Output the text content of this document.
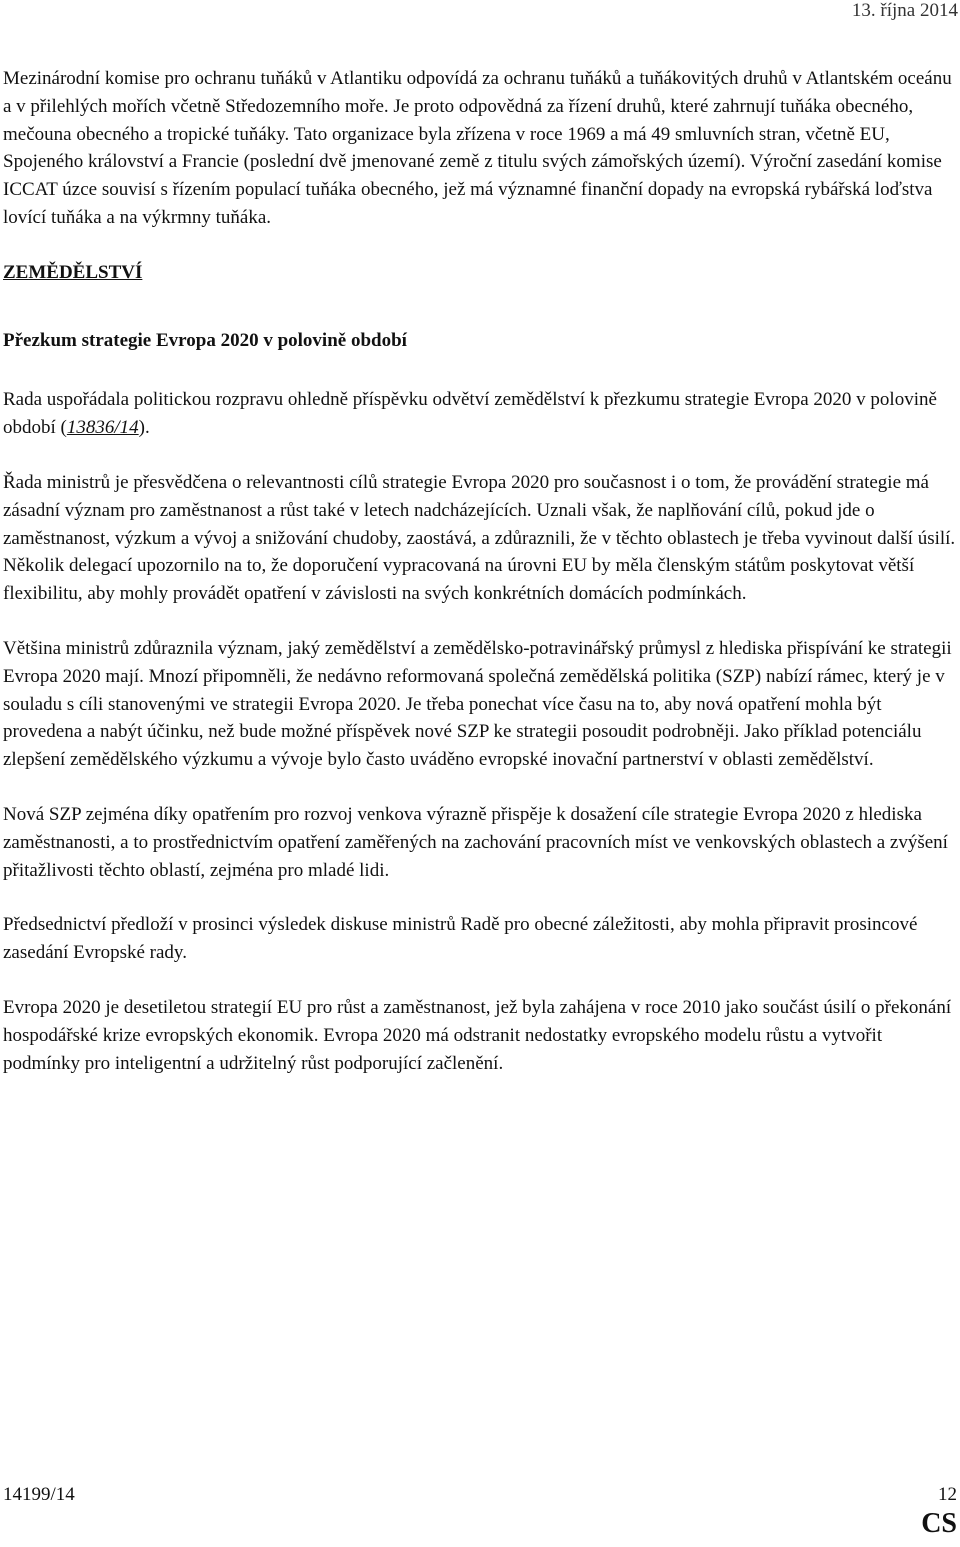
13. října 2014

Mezinárodní komise pro ochranu tuňáků v Atlantiku odpovídá za ochranu tuňáků a tuňákovitých druhů v Atlantském oceánu a v přilehlých mořích včetně Středozemního moře. Je proto odpovědná za řízení druhů, které zahrnují tuňáka obecného, mečouna obecného a tropické tuňáky. Tato organizace byla zřízena v roce 1969 a má 49 smluvních stran, včetně EU, Spojeného království a Francie (poslední dvě jmenované země z titulu svých zámořských území). Výroční zasedání komise ICCAT úzce souvisí s řízením populací tuňáka obecného, jež má významné finanční dopady na evropská rybářská loďstva lovící tuňáka a na výkrmny tuňáka.

ZEMĚDĚLSTVÍ
Přezkum strategie Evropa 2020 v polovině období

Rada uspořádala politickou rozpravu ohledně příspěvku odvětví zemědělství k přezkumu strategie Evropa 2020 v polovině období (13836/14).

Řada ministrů je přesvědčena o relevantnosti cílů strategie Evropa 2020 pro současnost i o tom, že provádění strategie má zásadní význam pro zaměstnanost a růst také v letech nadcházejících. Uznali však, že naplňování cílů, pokud jde o zaměstnanost, výzkum a vývoj a snižování chudoby, zaostává, a zdůraznili, že v těchto oblastech je třeba vyvinout další úsilí. Několik delegací upozornilo na to, že doporučení vypracovaná na úrovni EU by měla členským státům poskytovat větší flexibilitu, aby mohly provádět opatření v závislosti na svých konkrétních domácích podmínkách.

Většina ministrů zdůraznila význam, jaký zemědělství a zemědělsko-potravinářský průmysl z hlediska přispívání ke strategii Evropa 2020 mají. Mnozí připomněli, že nedávno reformovaná společná zemědělská politika (SZP) nabízí rámec, který je v souladu s cíli stanovenými ve strategii Evropa 2020. Je třeba ponechat více času na to, aby nová opatření mohla být provedena a nabýt účinku, než bude možné příspěvek nové SZP ke strategii posoudit podrobněji. Jako příklad potenciálu zlepšení zemědělského výzkumu a vývoje bylo často uváděno evropské inovační partnerství v oblasti zemědělství.

Nová SZP zejména díky opatřením pro rozvoj venkova výrazně přispěje k dosažení cíle strategie Evropa 2020 z hlediska zaměstnanosti, a to prostřednictvím opatření zaměřených na zachování pracovních míst ve venkovských oblastech a zvýšení přitažlivosti těchto oblastí, zejména pro mladé lidi.

Předsednictví předloží v prosinci výsledek diskuse ministrů Radě pro obecné záležitosti, aby mohla připravit prosincové zasedání Evropské rady.

Evropa 2020 je desetiletou strategií EU pro růst a zaměstnanost, jež byla zahájena v roce 2010 jako součást úsilí o překonání hospodářské krize evropských ekonomik. Evropa 2020 má odstranit nedostatky evropského modelu růstu a vytvořit podmínky pro inteligentní a udržitelný růst podporující začlenění.

14199/14	12
CS
